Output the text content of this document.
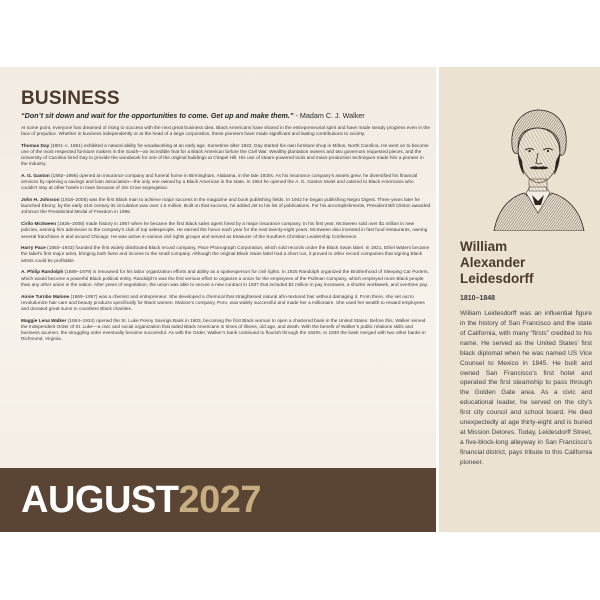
BUSINESS
“Don’t sit down and wait for the opportunities to come. Get up and make them.” - Madam C. J. Walker

At some point, everyone has dreamed of rising to success with the next great business idea. Black Americans have shared in the entrepreneurial spirit and have made steady progress even in the face of prejudice. Whether in business independently or at the head of a large corporation, these pioneers have made significant and lasting contributions to society.

Thomas Day (1801–c. 1861) exhibited a natural ability for woodworking at an early age. Sometime after 1822, Day started his own furniture shop in Milton, North Carolina. He went on to become one of the most respected furniture makers in the South—an incredible feat for a Black American before the Civil War. Wealthy plantation owners and two governors requested pieces, and the University of Carolina hired Day to provide the woodwork for one of the original buildings at Chapel Hill. His use of steam-powered tools and mass-production techniques made him a pioneer in the industry.

A. G. Gaston (1892–1996) opened an insurance company and funeral home in Birmingham, Alabama, in the late 1930s. As his insurance company’s assets grew, he diversified his financial services by opening a savings and loan association—the only one owned by a Black American in the state. In 1954 he opened the A. G. Gaston Motel and catered to Black Americans who couldn’t stay at other hotels in town because of Jim Crow segregation.

John H. Johnson (1918–2005) was the first Black man to achieve major success in the magazine and book publishing fields. In 1942 he began publishing Negro Digest. Three years later he launched Ebony; by the early 21st century its circulation was over 1.5 million. Built on that success, he added Jet to his list of publications. For his accomplishments, President Bill Clinton awarded Johnson the Presidential Medal of Freedom in 1996.

Cirilo McSween (1926–2008) made history in 1957 when he became the first Black sales agent hired by a major insurance company. In his first year, McSween sold over $1 million in new policies, earning him admission to the company’s club of top salespeople. He earned the honor each year for the next twenty-eight years. McSween also invested in fast food restaurants, owning several franchises in and around Chicago. He was active in various civil rights groups and served as treasurer of the Southern Christian Leadership Conference.

Harry Pace (1884–1943) founded the first widely distributed Black record company, Pace Phonograph Corporation, which sold records under the Black Swan label. In 1921, Ethel Waters became the label’s first major artist, bringing both fame and income to the small company. Although the original Black Swan label had a short run, it proved to other record companies that signing Black artists could be profitable.

A. Philip Randolph (1889–1979) is renowned for his labor organization efforts and ability as a spokesperson for civil rights. In 1925 Randolph organized the Brotherhood of Sleeping Car Porters, which would become a powerful Black political entity. Randolph’s was the first serious effort to organize a union for the employees of the Pullman Company, which employed more Black people than any other union in the nation. After years of negotiation, the union was able to secure a new contract in 1937 that included $2 million in pay increases, a shorter workweek, and overtime pay.

Annie Turnbo Malone (1869–1957) was a chemist and entrepreneur. She developed a chemical that straightened natural afro-textured hair without damaging it. From there, she set out to revolutionize hair care and beauty products specifically for Black women. Malone’s company, Poro, was widely successful and made her a millionaire. She used her wealth to reward employees and donated great sums to countless Black charities.

Maggie Lena Walker (1864–1934) opened the St. Luke Penny Savings Bank in 1903, becoming the first Black woman to open a chartered bank in the United States. Before this, Walker served the Independent Order of St. Luke—a civic and social organization that aided Black Americans in times of illness, old age, and death. With the benefit of Walker’s public relations skills and business acumen, the struggling order eventually became successful. As with the Order, Walker’s bank continued to flourish through the 1920s. In 1930 the bank merged with two other banks in Richmond, Virginia.

AUGUST2027
William
Alexander
Leidesdorff
1810–1848
William Leidesdorff was an influential figure in the history of San Francisco and the state of California, with many “firsts” credited to his name. He served as the United States’ first black diplomat when he was named US Vice Counsel to Mexico in 1845. He built and owned San Francisco’s first hotel and operated the first steamship to pass through the Golden Gate area. As a civic and educational leader, he served on the city’s first city council and school board. He died unexpectedly at age thirty-eight and is buried at Mission Delores. Today, Leidesdorff Street, a five-block-long alleyway in San Francisco’s financial district, pays tribute to this California pioneer.
